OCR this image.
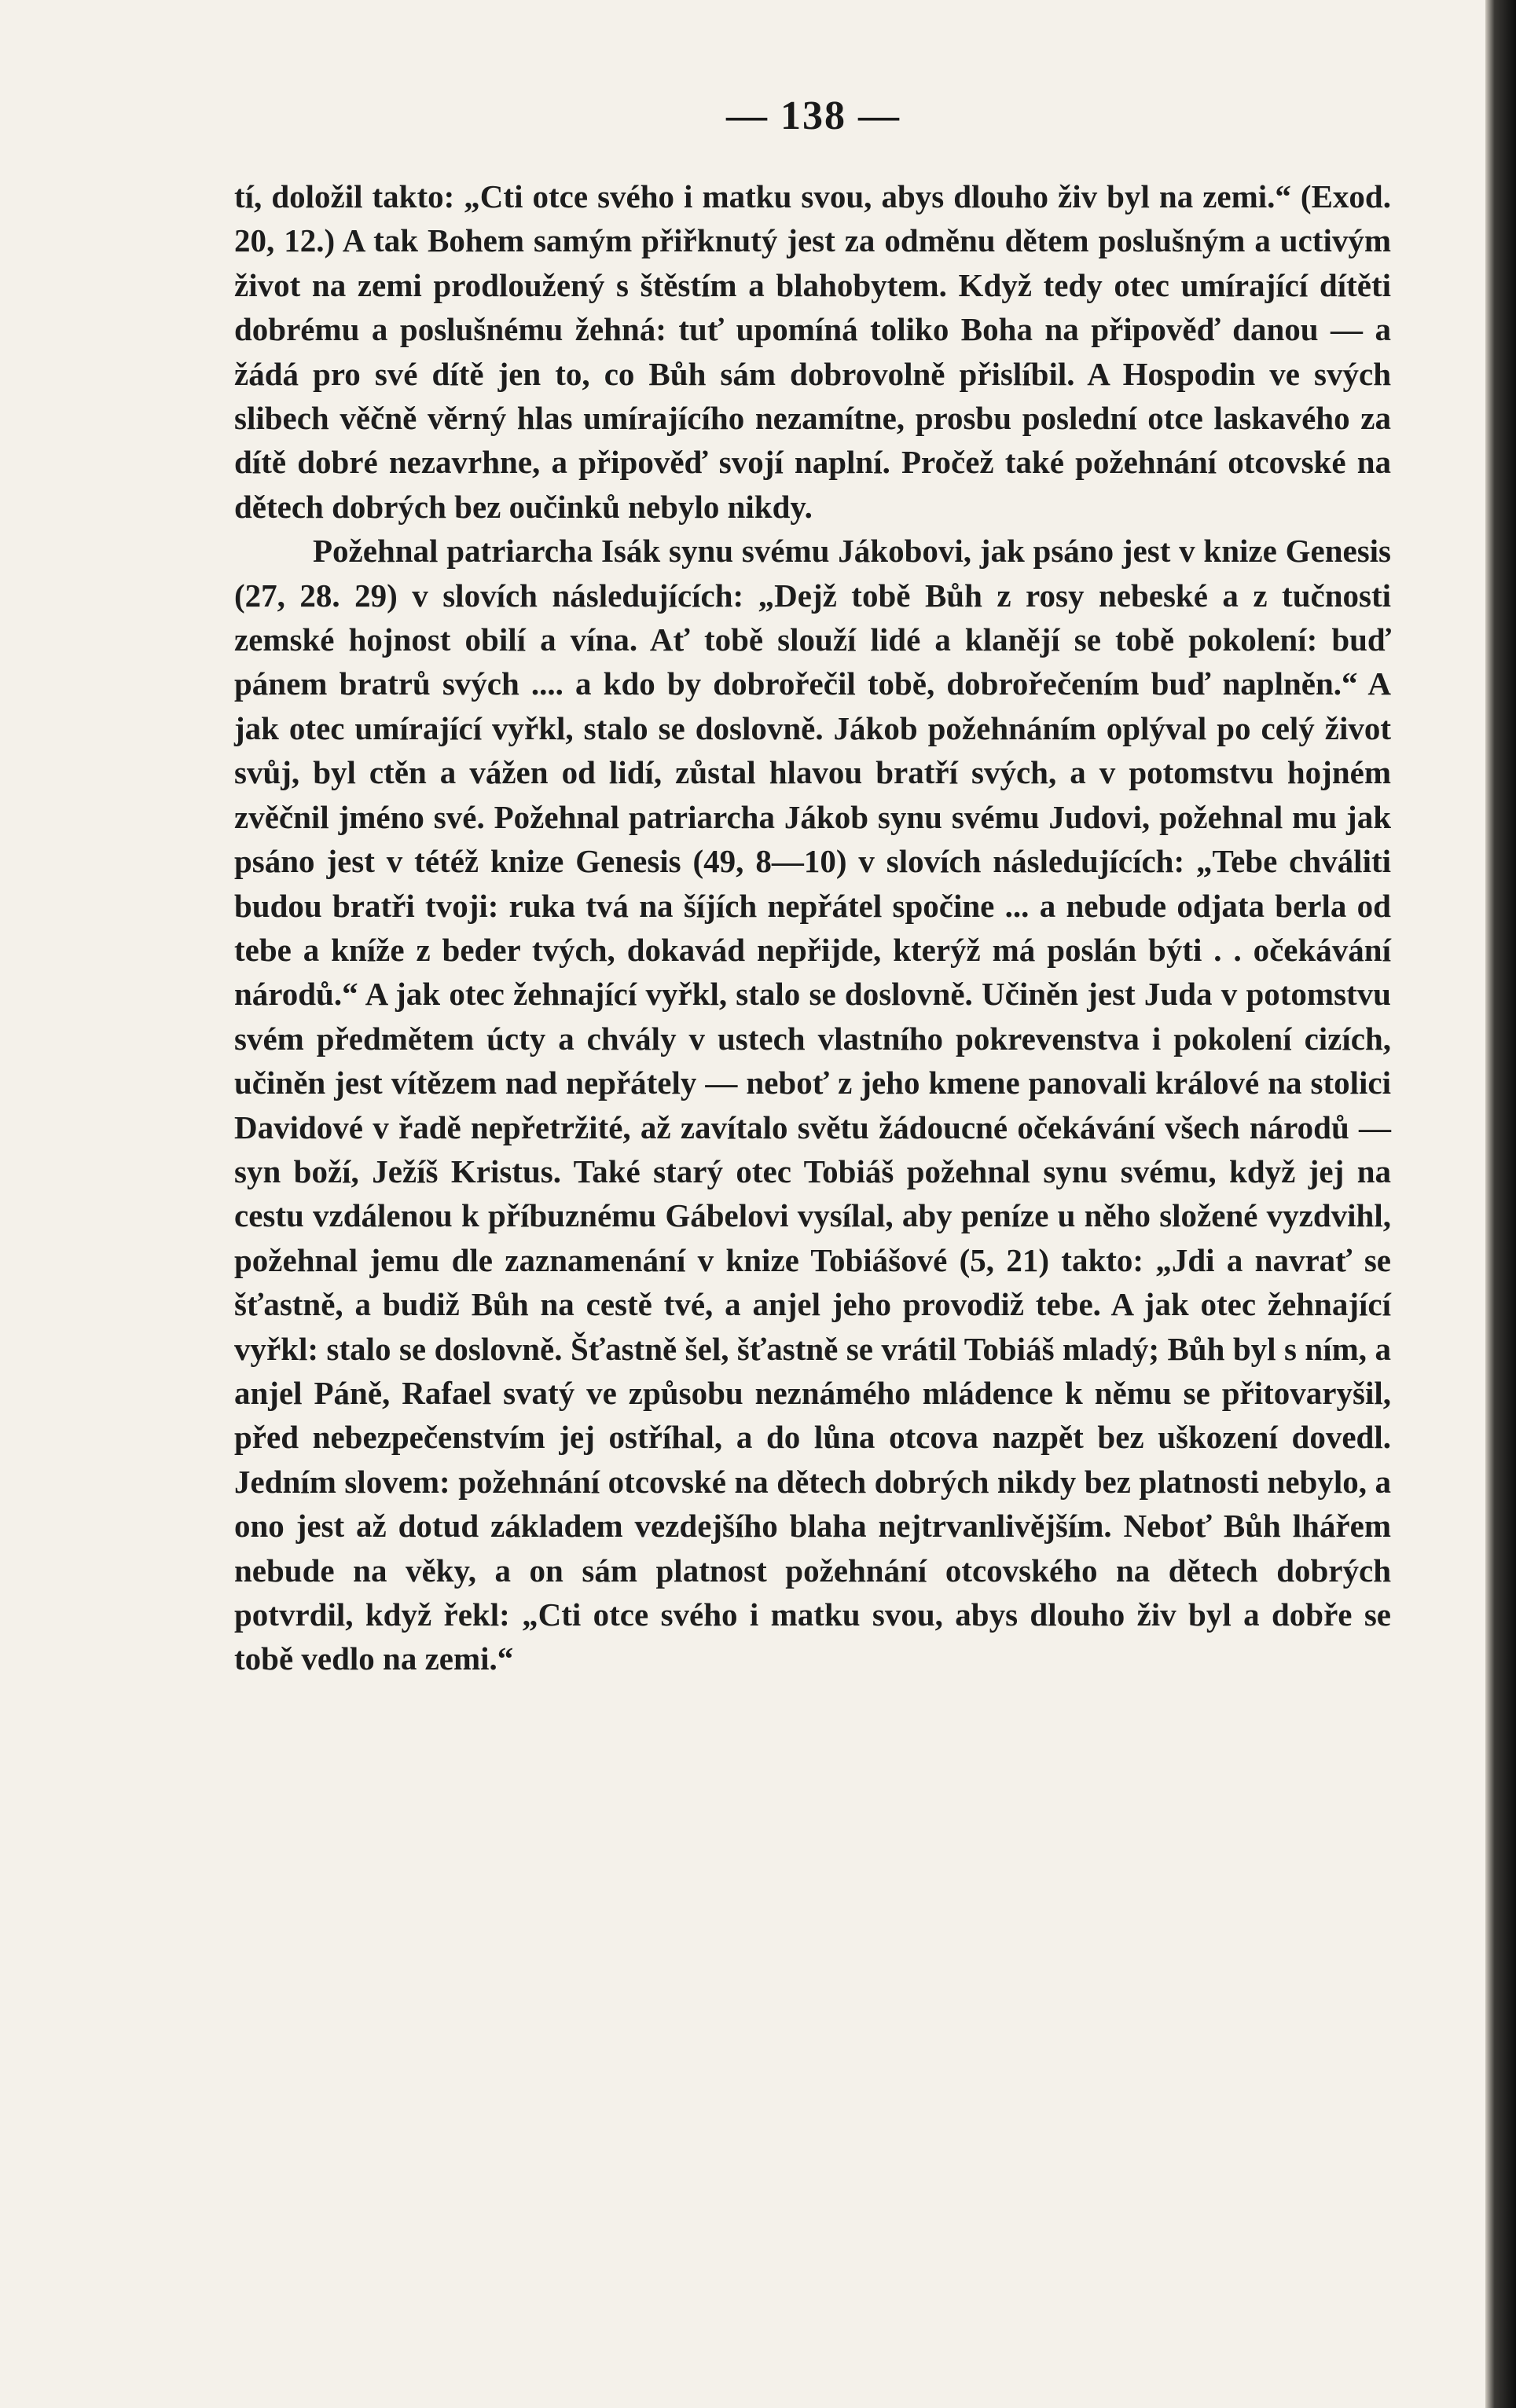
— 138 —

tí, doložil takto: „Cti otce svého i matku svou, abys dlouho živ byl na zemi.“ (Exod. 20, 12.) A tak Bohem samým přiřknutý jest za odměnu dětem poslušným a uctivým život na zemi prodloužený s štěstím a blahobytem. Když tedy otec umírající dítěti dobrému a poslušnému žehná: tuť upomíná toliko Boha na připověď danou — a žádá pro své dítě jen to, co Bůh sám dobrovolně přislíbil. A Hospodin ve svých slibech věčně věrný hlas umírajícího nezamítne, prosbu poslední otce laskavého za dítě dobré nezavrhne, a připověď svojí naplní. Pročež také požehnání otcovské na dětech dobrých bez oučinků nebylo nikdy.

Požehnal patriarcha Isák synu svému Jákobovi, jak psáno jest v knize Genesis (27, 28. 29) v slovích následujících: „Dejž tobě Bůh z rosy nebeské a z tučnosti zemské hojnost obilí a vína. Ať tobě slouží lidé a klanějí se tobě pokolení: buď pánem bratrů svých .... a kdo by dobrořečil tobě, dobrořečením buď naplněn.“ A jak otec umírající vyřkl, stalo se doslovně. Jákob požehnáním oplýval po celý život svůj, byl ctěn a vážen od lidí, zůstal hlavou bratří svých, a v potomstvu hojném zvěčnil jméno své. Požehnal patriarcha Jákob synu svému Judovi, požehnal mu jak psáno jest v tétéž knize Genesis (49, 8—10) v slovích následujících: „Tebe chváliti budou bratři tvoji: ruka tvá na šíjích nepřátel spočine ... a nebude odjata berla od tebe a kníže z beder tvých, dokavád nepřijde, kterýž má poslán býti . . očekávání národů.“ A jak otec žehnající vyřkl, stalo se doslovně. Učiněn jest Juda v potomstvu svém předmětem úcty a chvály v ustech vlastního pokrevenstva i pokolení cizích, učiněn jest vítězem nad nepřátely — neboť z jeho kmene panovali králové na stolici Davidové v řadě nepřetržité, až zavítalo světu žádoucné očekávání všech národů — syn boží, Ježíš Kristus. Také starý otec Tobiáš požehnal synu svému, když jej na cestu vzdálenou k příbuznému Gábelovi vysílal, aby peníze u něho složené vyzdvihl, požehnal jemu dle zaznamenání v knize Tobiášové (5, 21) takto: „Jdi a navrať se šťastně, a budiž Bůh na cestě tvé, a anjel jeho provodiž tebe. A jak otec žehnající vyřkl: stalo se doslovně. Šťastně šel, šťastně se vrátil Tobiáš mladý; Bůh byl s ním, a anjel Páně, Rafael svatý ve způsobu neznámého mládence k němu se přitovaryšil, před nebezpečenstvím jej ostříhal, a do lůna otcova nazpět bez uškození dovedl. Jedním slovem: požehnání otcovské na dětech dobrých nikdy bez platnosti nebylo, a ono jest až dotud základem vezdejšího blaha nejtrvanlivějším. Neboť Bůh lhářem nebude na věky, a on sám platnost požehnání otcovského na dětech dobrých potvrdil, když řekl: „Cti otce svého i matku svou, abys dlouho živ byl a dobře se tobě vedlo na zemi.“
